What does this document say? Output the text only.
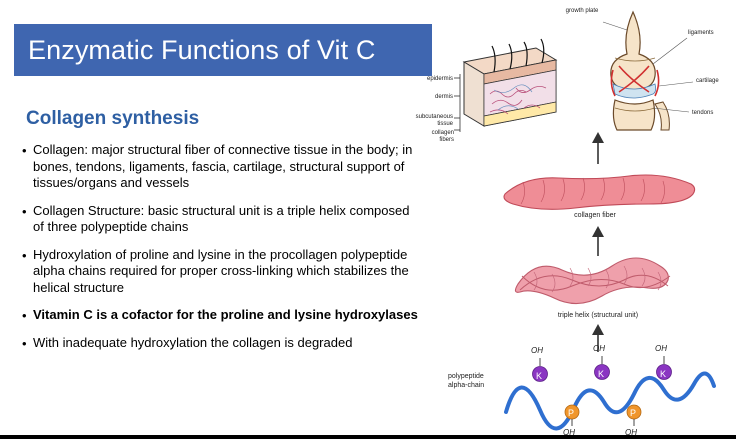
Enzymatic Functions of Vit C
Collagen synthesis
• Collagen: major structural fiber of connective tissue in the body; in bones, tendons, ligaments, fascia, cartilage, structural support of tissues/organs and vessels
• Collagen Structure: basic structural unit is a triple helix composed of three polypeptide chains
• Hydroxylation of proline and lysine in the procollagen polypeptide alpha chains required for proper cross-linking which stabilizes the helical structure
• Vitamin C is a cofactor for the proline and lysine hydroxylases
• With inadequate hydroxylation the collagen is degraded
epidermis
dermis
subcutaneous tissue
collagen fibers
growth plate
ligaments
cartilage
tendons
collagen fiber
triple helix (structural unit)
K	K	K
P	P
OH	OH	OH
OH	OH
polypeptide
alpha-chain
